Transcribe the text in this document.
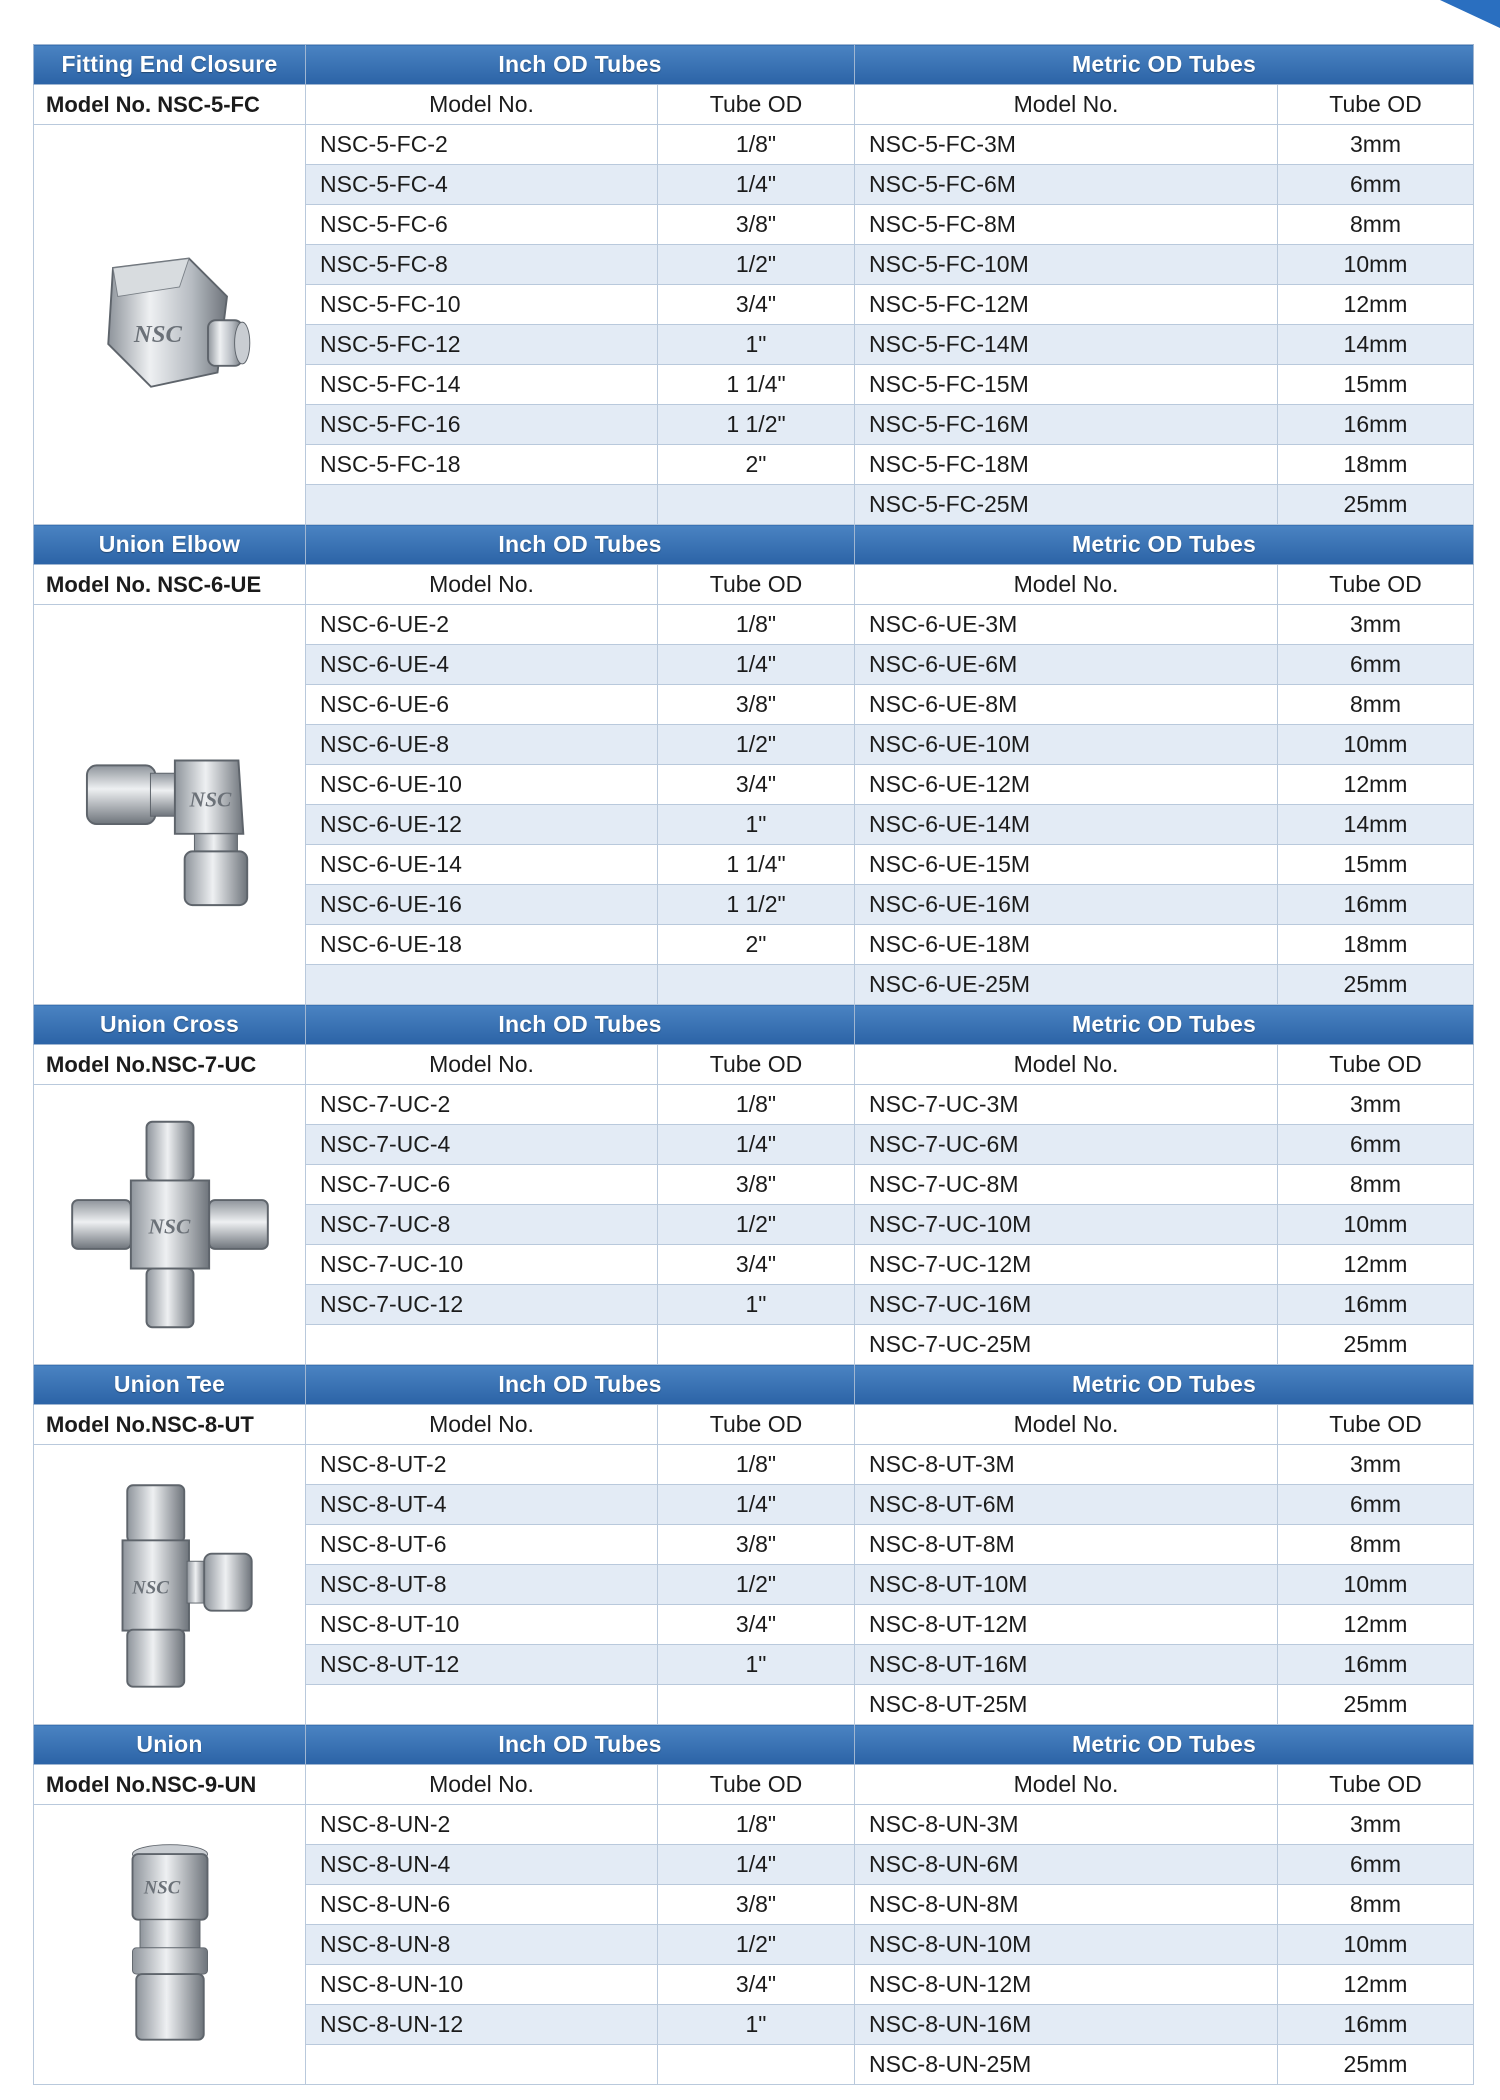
Fitting End Closure	Inch OD Tubes		Metric OD Tubes	
Model No. NSC-5-FC	Model No.	Tube OD	Model No.	Tube OD

NSC	NSC-5-FC-2	1/8"	NSC-5-FC-3M	3mm
	NSC-5-FC-4	1/4"	NSC-5-FC-6M	6mm
	NSC-5-FC-6	3/8"	NSC-5-FC-8M	8mm
	NSC-5-FC-8	1/2"	NSC-5-FC-10M	10mm
	NSC-5-FC-10	3/4"	NSC-5-FC-12M	12mm
	NSC-5-FC-12	1"	NSC-5-FC-14M	14mm
	NSC-5-FC-14	1 1/4"	NSC-5-FC-15M	15mm
	NSC-5-FC-16	1 1/2"	NSC-5-FC-16M	16mm
	NSC-5-FC-18	2"	NSC-5-FC-18M	18mm
			NSC-5-FC-25M	25mm
Union Elbow	Inch OD Tubes		Metric OD Tubes	
Model No. NSC-6-UE	Model No.	Tube OD	Model No.	Tube OD

NSC	NSC-6-UE-2	1/8"	NSC-6-UE-3M	3mm
	NSC-6-UE-4	1/4"	NSC-6-UE-6M	6mm
	NSC-6-UE-6	3/8"	NSC-6-UE-8M	8mm
	NSC-6-UE-8	1/2"	NSC-6-UE-10M	10mm
	NSC-6-UE-10	3/4"	NSC-6-UE-12M	12mm
	NSC-6-UE-12	1"	NSC-6-UE-14M	14mm
	NSC-6-UE-14	1 1/4"	NSC-6-UE-15M	15mm
	NSC-6-UE-16	1 1/2"	NSC-6-UE-16M	16mm
	NSC-6-UE-18	2"	NSC-6-UE-18M	18mm
			NSC-6-UE-25M	25mm
Union Cross	Inch OD Tubes		Metric OD Tubes	
Model No.NSC-7-UC	Model No.	Tube OD	Model No.	Tube OD

NSC	NSC-7-UC-2	1/8"	NSC-7-UC-3M	3mm
	NSC-7-UC-4	1/4"	NSC-7-UC-6M	6mm
	NSC-7-UC-6	3/8"	NSC-7-UC-8M	8mm
	NSC-7-UC-8	1/2"	NSC-7-UC-10M	10mm
	NSC-7-UC-10	3/4"	NSC-7-UC-12M	12mm
	NSC-7-UC-12	1"	NSC-7-UC-16M	16mm
			NSC-7-UC-25M	25mm
Union Tee	Inch OD Tubes		Metric OD Tubes	
Model No.NSC-8-UT	Model No.	Tube OD	Model No.	Tube OD

NSC	NSC-8-UT-2	1/8"	NSC-8-UT-3M	3mm
	NSC-8-UT-4	1/4"	NSC-8-UT-6M	6mm
	NSC-8-UT-6	3/8"	NSC-8-UT-8M	8mm
	NSC-8-UT-8	1/2"	NSC-8-UT-10M	10mm
	NSC-8-UT-10	3/4"	NSC-8-UT-12M	12mm
	NSC-8-UT-12	1"	NSC-8-UT-16M	16mm
			NSC-8-UT-25M	25mm
Union	Inch OD Tubes		Metric OD Tubes	
Model No.NSC-9-UN	Model No.	Tube OD	Model No.	Tube OD

NSC	NSC-8-UN-2	1/8"	NSC-8-UN-3M	3mm
	NSC-8-UN-4	1/4"	NSC-8-UN-6M	6mm
	NSC-8-UN-6	3/8"	NSC-8-UN-8M	8mm
	NSC-8-UN-8	1/2"	NSC-8-UN-10M	10mm
	NSC-8-UN-10	3/4"	NSC-8-UN-12M	12mm
	NSC-8-UN-12	1"	NSC-8-UN-16M	16mm
			NSC-8-UN-25M	25mm
